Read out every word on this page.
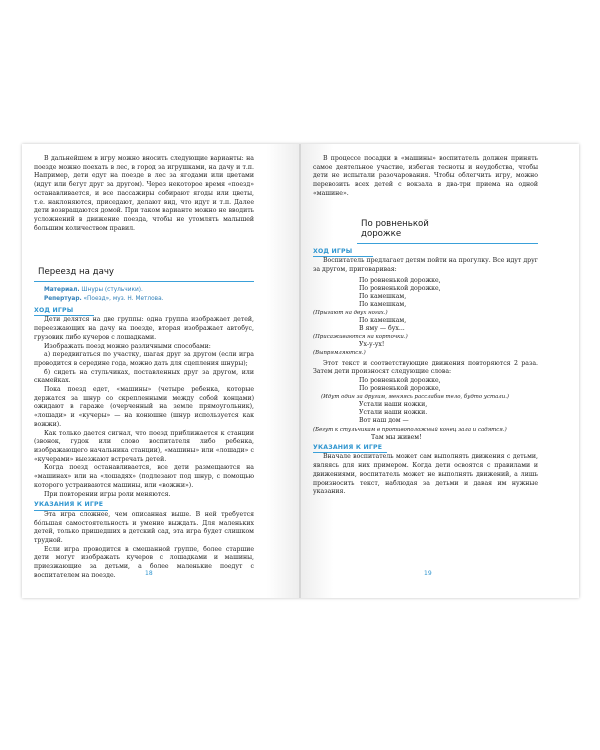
В дальнейшем в игру можно вносить следующие варианты: на поезде можно поехать в лес, в город за игрушками, на дачу и т.п. Например, дети едут на поезде в лес за ягодами или цветами (идут или бегут друг за другом). Через некоторое время «поезд» останавливается, и все пассажиры собирают ягоды или цветы, т.е. наклоняются, приседают, делают вид, что идут и т.п. Далее дети возвращаются домой. При таком варианте можно не вводить усложнений в движение поезда, чтобы не утомлять малышей большим количеством правил.

Переезд на дачу
Материал. Шнуры (стульчики).
Репертуар. «Поезд», муз. Н. Метлова.
ХОД ИГРЫ

Дети делятся на две группы: одна группа изображает детей, переезжающих на дачу на поезде, вторая изображает автобус, грузовик либо кучеров с лошадками.

Изображать поезд можно различными способами:

а) передвигаться по участку, шагая друг за другом (если игра проводится в середине года, можно дать для сцепления шнуры);

б) сидеть на стульчиках, поставленных друг за другом, или скамейках.

Пока поезд едет, «машины» (четыре ребенка, которые держатся за шнур со скрепленными между собой концами) ожидают в гараже (очерченный на земле прямоугольник), «лошади» и «кучеры» — на конюшне (шнур используется как вожжи).

Как только дается сигнал, что поезд приближается к станции (звонок, гудок или слово воспитателя либо ребенка, изображающего начальника станции), «машины» или «лошади» с «кучерами» выезжают встречать детей.

Когда поезд останавливается, все дети размещаются на «машинах» или на «лошадях» (подлезают под шнур, с помощью которого устраиваются машины, или «вожжи»).

При повторении игры роли меняются.

УКАЗАНИЯ К ИГРЕ

Эта игра сложнее, чем описанная выше. В ней требуется бóльшая самостоятельность и умение выждать. Для маленьких детей, только пришедших в детский сад, эта игра будет слишком трудной.

Если игра проводится в смешанной группе, более старшие дети могут изображать кучеров с лошадками и машины, приезжающие за детьми, а более маленькие поедут с воспитателем на поезде.	18

В процессе посадки в «машины» воспитатель должен принять самое деятельное участие, избегая тесноты и неудобства, чтобы дети не испытали разочарования. Чтобы облегчить игру, можно перевозить всех детей с вокзала в два-три приема на одной «машине».

По ровненькой
дорожке
ХОД ИГРЫ

Воспитатель предлагает детям пойти на прогулку. Все идут друг за другом, приговаривая:

По ровненькой дорожке,
По ровненькой дорожке,
По камешкам,
По камешкам,
(Прыгают на двух ногах.)
По камешкам,
В яму — бух...
(Присаживаются на корточки.)
Ух-у-ух!
(Выпрямляются.)

Этот текст и соответствующие движения повторяются 2 раза. Затем дети произносят следующие слова:

По ровненькой дорожке,
По ровненькой дорожке,
(Идут один за другим, меняясь расслабив тело, будто устали.)
Устали наши ножки,
Устали наши ножки.
Вот наш дом —
(Бегут к стульчикам в противоположный конец зала и садятся.)
Там мы живем!
УКАЗАНИЯ К ИГРЕ

Вначале воспитатель может сам выполнять движения с детьми, являясь для них примером. Когда дети освоятся с правилами и движениями, воспитатель может не выполнять движений, а лишь произносить текст, наблюдая за детьми и давая им нужные указания.

19
